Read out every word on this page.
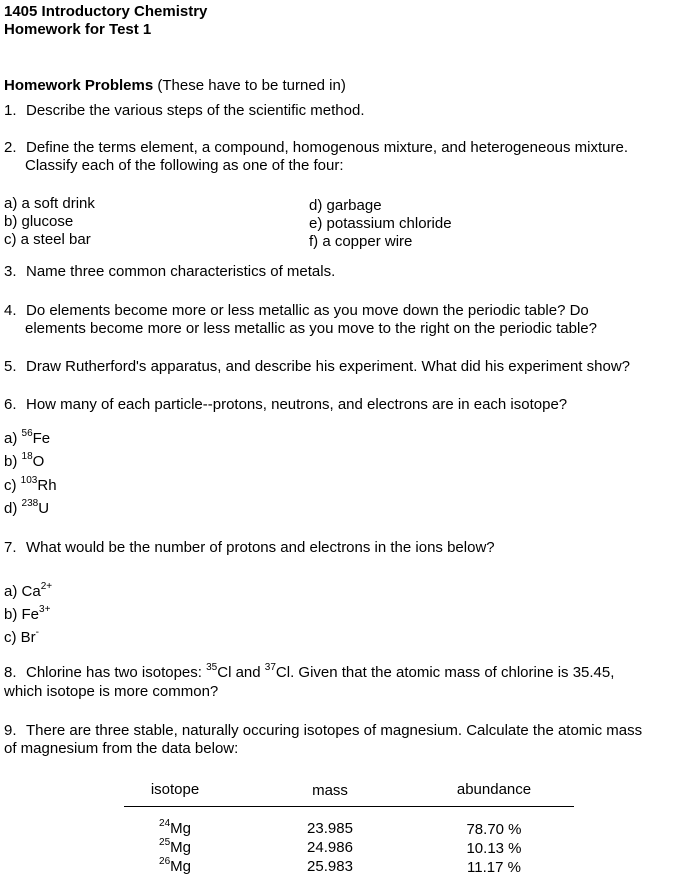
1405 Introductory Chemistry
Homework for Test 1
Homework Problems (These have to be turned in)
1. Describe the various steps of the scientific method.
2. Define the terms element, a compound, homogenous mixture, and heterogeneous mixture.
Classify each of the following as one of the four:
a) a soft drink
b) glucose
c) a steel bar
d) garbage
e) potassium chloride
f) a copper wire
3. Name three common characteristics of metals.
4. Do elements become more or less metallic as you move down the periodic table? Do
elements become more or less metallic as you move to the right on the periodic table?
5. Draw Rutherford's apparatus, and describe his experiment. What did his experiment show?
6. How many of each particle--protons, neutrons, and electrons are in each isotope?
a) $^{56}$Fe
b) $^{18}$O
c) $^{103}$Rh
d) $^{238}$U
7. What would be the number of protons and electrons in the ions below?
a) $Ca^{2+}$
b) $Fe^{3+}$
c) Br-
8. Chlorine has two isotopes: $^{35}$Cl and $^{37}$Cl. Given that the atomic mass of chlorine is 35.45,
which isotope is more common?
9. There are three stable, naturally occuring isotopes of magnesium. Calculate the atomic mass
of magnesium from the data below:
isotope	mass	abundance
$^{24}$Mg	23.985	78.70 %
$^{25}$Mg	24.986	10.13 %
$^{26}$Mg	25.983	11.17 %
